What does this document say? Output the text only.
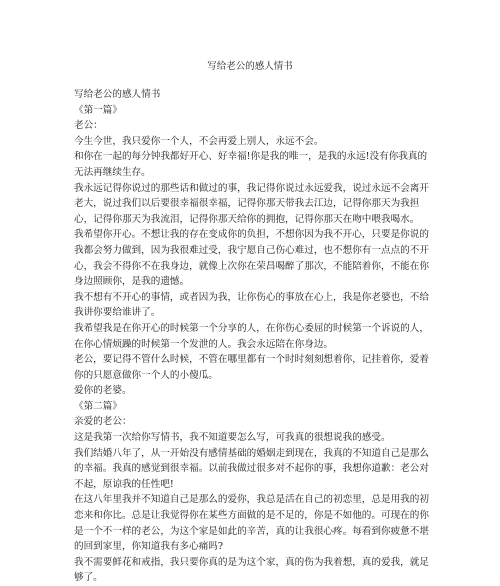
写给老公的感人情书

写给老公的感人情书

《第一篇》

老公：

今生今世，我只爱你一个人，不会再爱上别人，永远不会。

和你在一起的每分钟我都好开心、好幸福!你是我的唯一，是我的永远!没有你我真的无法再继续生存。

我永远记得你说过的那些话和做过的事，我记得你说过永远爱我，说过永远不会离开老大，说过我们以后要很幸福很幸福，记得你那天带我去江边，记得你那天为我担心，记得你那天为我流泪，记得你那天给你的拥抱，记得你那天在吻中喂我喝水。

我希望你开心。不想让我的存在变成你的负担，不想你因为我不开心，只要是你说的我都会努力做到，因为我很难过受，我宁愿自己伤心难过，也不想你有一点点的不开心，我会不得你不在我身边，就像上次你在荣昌喝醉了那次，不能陪着你，不能在你身边照顾你，是我的遗憾。

我不想有不开心的事情，或者因为我，让你伤心的事放在心上，我是你老婆也，不给我讲你要给谁讲了。

我希望我是在你开心的时候第一个分享的人，在你伤心委屈的时候第一个诉说的人，在你心情烦躁的时候第一个发泄的人。我会永远陪在你身边。

老公，要记得不管什么时候，不管在哪里都有一个时时刻刻想着你，记挂着你，爱着你的只愿意做你一个人的小傻瓜。

爱你的老婆。

《第二篇》

亲爱的老公：

这是我第一次给你写情书，我不知道要怎么写，可我真的很想说我的感受。

我们结婚八年了，从一开始没有感情基础的婚姻走到现在，我真的不知道自己是那么的幸福。我真的感觉到很幸福。以前我做过很多对不起你的事，我想你道歉：老公对不起，原谅我的任性吧!

在这八年里我并不知道自己是那么的爱你，我总是活在自己的初恋里，总是用我的初恋来和你比。总是让我觉得你在某些方面做的是不足的，你是不如他的。可现在的你是一个不一样的老公，为这个家是如此的辛苦，真的让我很心疼。每看到你疲惫不堪的回到家里，你知道我有多心痛吗?

我不需要鲜花和戒指，我只要你真的是为这个家，真的伤为我着想，真的爱我，就足够了。
